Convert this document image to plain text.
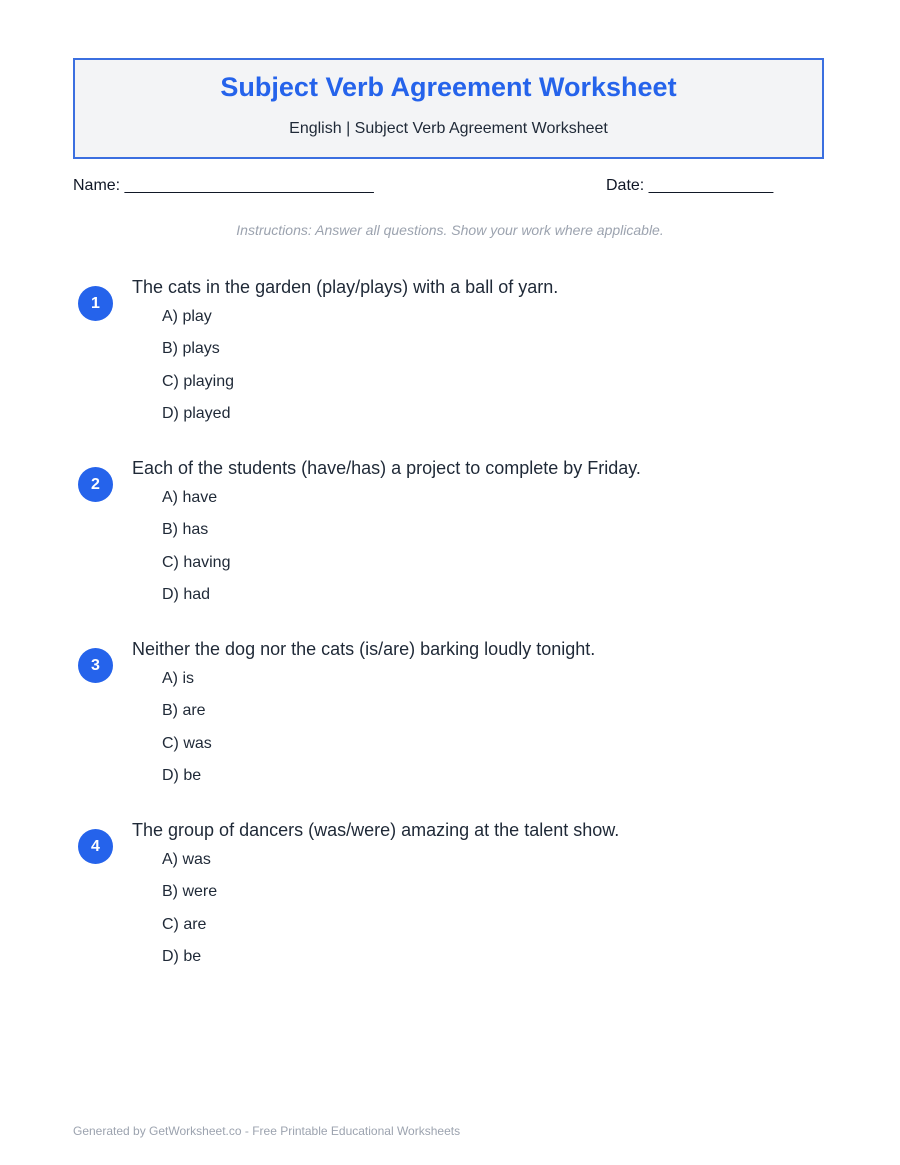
Subject Verb Agreement Worksheet
English | Subject Verb Agreement Worksheet
Name: ____________________________	Date: ______________
Instructions: Answer all questions. Show your work where applicable.
1
The cats in the garden (play/plays) with a ball of yarn.
A) play
B) plays
C) playing
D) played
2
Each of the students (have/has) a project to complete by Friday.
A) have
B) has
C) having
D) had
3
Neither the dog nor the cats (is/are) barking loudly tonight.
A) is
B) are
C) was
D) be
4
The group of dancers (was/were) amazing at the talent show.
A) was
B) were
C) are
D) be
Generated by GetWorksheet.co - Free Printable Educational Worksheets
